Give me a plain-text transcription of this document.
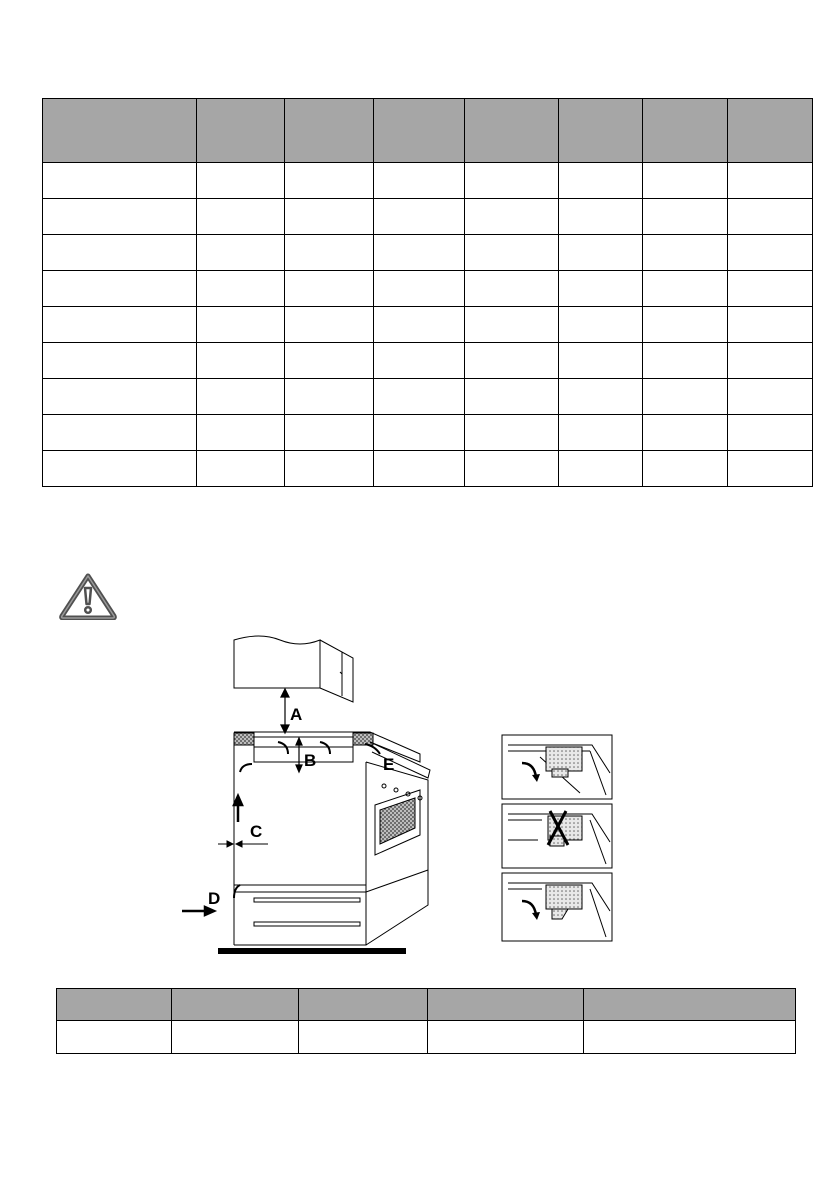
A
B	E
C
D
